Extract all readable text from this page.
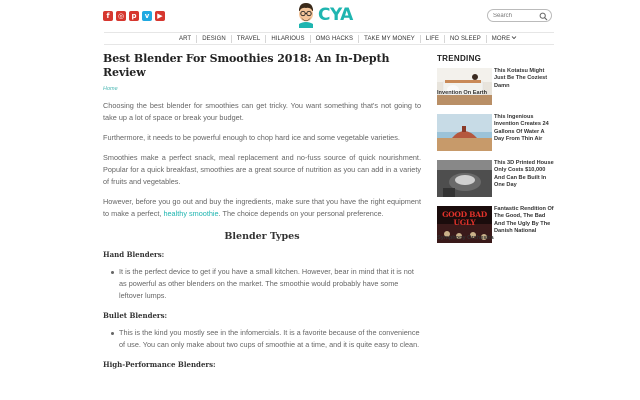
f	◎	p	v	▶	CYA
Search
ART	DESIGN	TRAVEL	HILARIOUS	OMG HACKS	TAKE MY MONEY	LIFE	NO SLEEP	MORE
Best Blender For Smoothies 2018: An In-Depth Review
Home

Choosing the best blender for smoothies can get tricky. You want something that's not going to take up a lot of space or break your budget.

Furthermore, it needs to be powerful enough to chop hard ice and some vegetable varieties.

Smoothies make a perfect snack, meal replacement and no-fuss source of quick nourishment. Popular for a quick breakfast, smoothies are a great source of nutrition as you can add in a variety of fruits and vegetables.

However, before you go out and buy the ingredients, make sure that you have the right equipment to make a perfect, healthy smoothie. The choice depends on your personal preference.

Blender Types
Hand Blenders:
It is the perfect device to get if you have a small kitchen. However, bear in mind that it is not as powerful as other blenders on the market. The smoothie would probably have some leftover lumps.
Bullet Blenders:
This is the kind you mostly see in the infomercials. It is a favorite because of the convenience of use. You can only make about two cups of smoothie at a time, and it is quite easy to clean.
High-Performance Blenders:
TRENDING
This Kotatsu Might Just Be The Coziest Damn
Invention On Earth
This Ingenious Invention Creates 24 Gallons Of Water A Day From Thin Air
This 3D Printed House Only Costs $10,000 And Can Be Built In One Day
GOOD BAD UGLY
Fantastic Rendition Of The Good, The Bad And The Ugly By The Danish National
Symphony Orchestra
